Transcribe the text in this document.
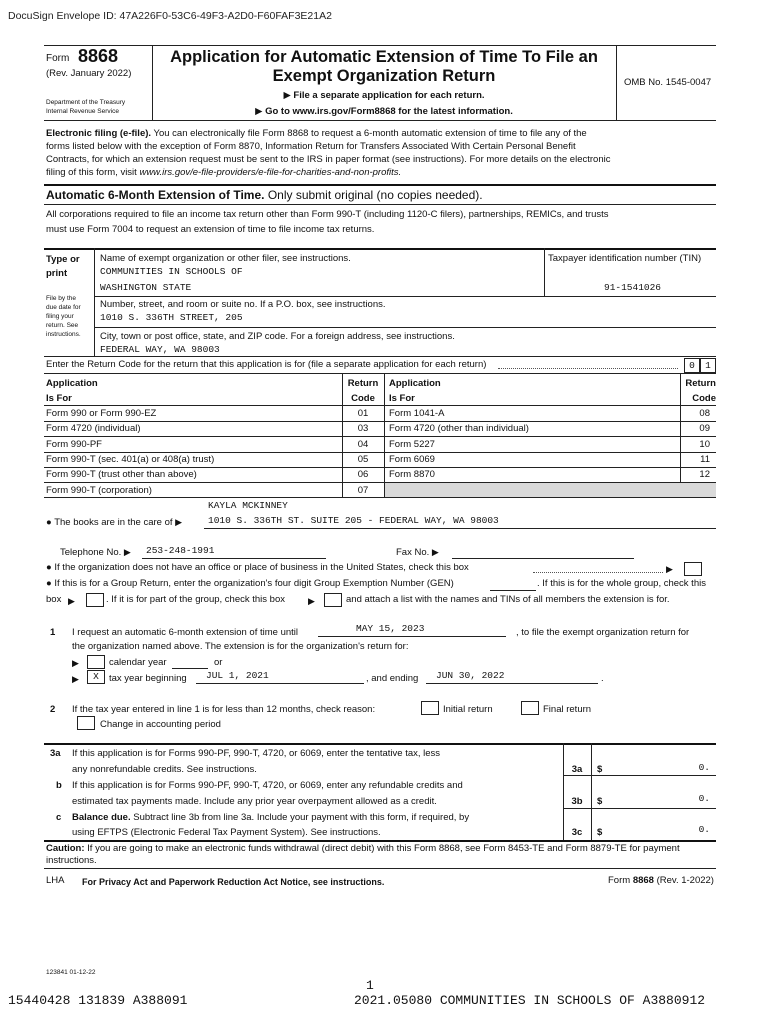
DocuSign Envelope ID: 47A226F0-53C6-49F3-A2D0-F60FAF3E21A2
Form 8868
(Rev. January 2022)
Department of the Treasury
Internal Revenue Service
Application for Automatic Extension of Time To File an
Exempt Organization Return
▶ File a separate application for each return.
▶ Go to www.irs.gov/Form8868 for the latest information.
OMB No. 1545-0047
Electronic filing (e-file). You can electronically file Form 8868 to request a 6-month automatic extension of time to file any of the
forms listed below with the exception of Form 8870, Information Return for Transfers Associated With Certain Personal Benefit
Contracts, for which an extension request must be sent to the IRS in paper format (see instructions). For more details on the electronic
filing of this form, visit www.irs.gov/e-file-providers/e-file-for-charities-and-non-profits.
Automatic 6-Month Extension of Time. Only submit original (no copies needed).
All corporations required to file an income tax return other than Form 990-T (including 1120-C filers), partnerships, REMICs, and trusts
must use Form 7004 to request an extension of time to file income tax returns.
Type or
print
File by the
due date for
filing your
return. See
instructions.
Name of exempt organization or other filer, see instructions.
COMMUNITIES IN SCHOOLS OF
WASHINGTON STATE
Taxpayer identification number (TIN)
91-1541026
Number, street, and room or suite no. If a P.O. box, see instructions.
1010 S. 336TH STREET, 205
City, town or post office, state, and ZIP code. For a foreign address, see instructions.
FEDERAL WAY, WA 98003
Enter the Return Code for the return that this application is for (file a separate application for each return)	0	1
Application
Is For
Return
Code
Application
Is For
Return
Code
Form 990 or Form 990-EZ	01
Form 4720 (individual)	03
Form 990-PF	04
Form 990-T (sec. 401(a) or 408(a) trust)	05
Form 990-T (trust other than above)	06
Form 990-T (corporation)	07
Form 1041-A	08
Form 4720 (other than individual)	09
Form 5227	10
Form 6069	11
Form 8870	12
KAYLA MCKINNEY
● The books are in the care of ▶	1010 S. 336TH ST. SUITE 205 - FEDERAL WAY, WA 98003
Telephone No. ▶ 253-248-1991	Fax No. ▶
● If the organization does not have an office or place of business in the United States, check this box	▶
● If this is for a Group Return, enter the organization's four digit Group Exemption Number (GEN)	. If this is for the whole group, check this
box ▶	. If it is for part of the group, check this box	▶	and attach a list with the names and TINs of all members the extension is for.
1 I request an automatic 6-month extension of time until	MAY 15, 2023	, to file the exempt organization return for
the organization named above. The extension is for the organization's return for:
▶	calendar year	or
▶	X	tax year beginning JUL 1, 2021	, and ending JUN 30, 2022	.
2 If the tax year entered in line 1 is for less than 12 months, check reason:	Initial return	Final return
Change in accounting period
3a If this application is for Forms 990-PF, 990-T, 4720, or 6069, enter the tentative tax, less
any nonrefundable credits. See instructions.	3a	$	0.
b If this application is for Forms 990-PF, 990-T, 4720, or 6069, enter any refundable credits and
estimated tax payments made. Include any prior year overpayment allowed as a credit.	3b	$	0.
c Balance due. Subtract line 3b from line 3a. Include your payment with this form, if required, by
using EFTPS (Electronic Federal Tax Payment System). See instructions.	3c	$	0.
Caution: If you are going to make an electronic funds withdrawal (direct debit) with this Form 8868, see Form 8453-TE and Form 8879-TE for payment
instructions.
LHA For Privacy Act and Paperwork Reduction Act Notice, see instructions.	Form 8868 (Rev. 1-2022)
123841 01-12-22
1
15440428 131839 A388091	2021.05080 COMMUNITIES IN SCHOOLS OF A3880912
